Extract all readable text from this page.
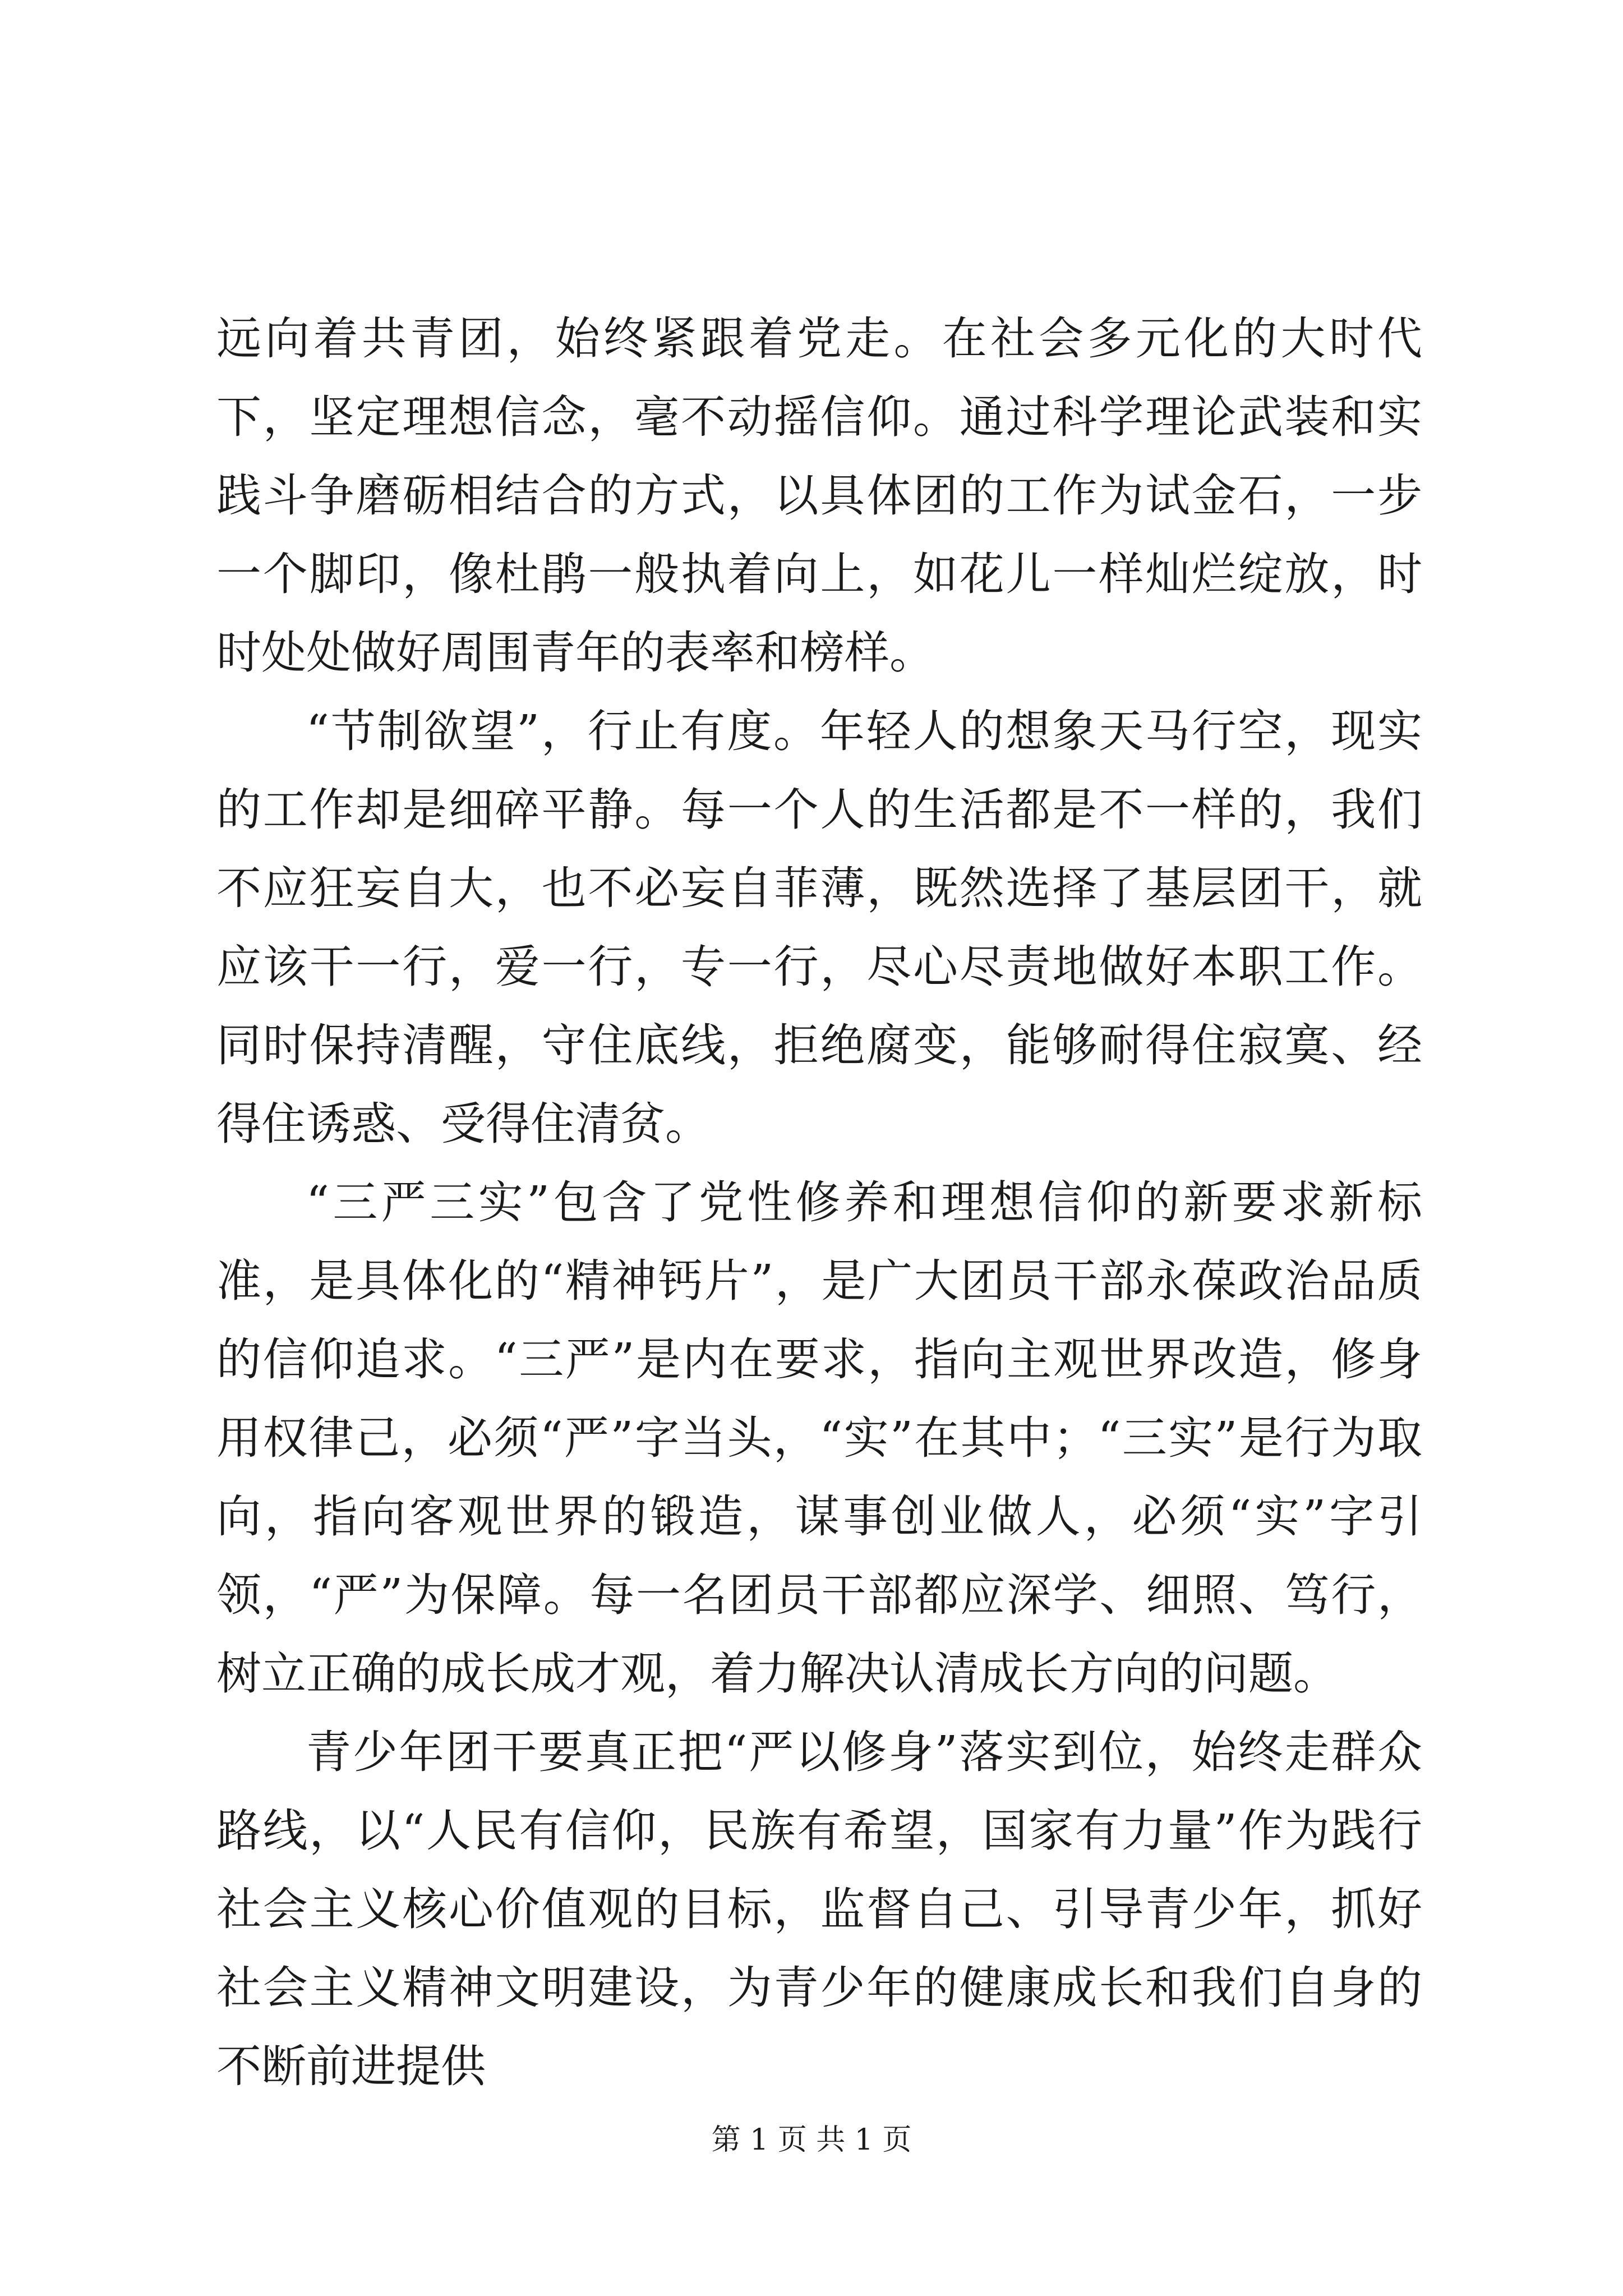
远向着共青团，始终紧跟着党走。在社会多元化的大时代下，坚定理想信念，毫不动摇信仰。通过科学理论武装和实践斗争磨砺相结合的方式，以具体团的工作为试金石，一步一个脚印，像杜鹃一般执着向上，如花儿一样灿烂绽放，时时处处做好周围青年的表率和榜样。

“节制欲望”，行止有度。年轻人的想象天马行空，现实的工作却是细碎平静。每一个人的生活都是不一样的，我们不应狂妄自大，也不必妄自菲薄，既然选择了基层团干，就应该干一行，爱一行，专一行，尽心尽责地做好本职工作。同时保持清醒，守住底线，拒绝腐变，能够耐得住寂寞、经得住诱惑、受得住清贫。

“三严三实”包含了党性修养和理想信仰的新要求新标准，是具体化的“精神钙片”，是广大团员干部永葆政治品质的信仰追求。“三严”是内在要求，指向主观世界改造，修身用权律己，必须“严”字当头，“实”在其中；“三实”是行为取向，指向客观世界的锻造，谋事创业做人，必须“实”字引领，“严”为保障。每一名团员干部都应深学、细照、笃行，树立正确的成长成才观，着力解决认清成长方向的问题。

青少年团干要真正把“严以修身”落实到位，始终走群众路线，以“人民有信仰，民族有希望，国家有力量”作为践行社会主义核心价值观的目标，监督自己、引导青少年，抓好社会主义精神文明建设，为青少年的健康成长和我们自身的不断前进提供

第 1 页 共 1 页
